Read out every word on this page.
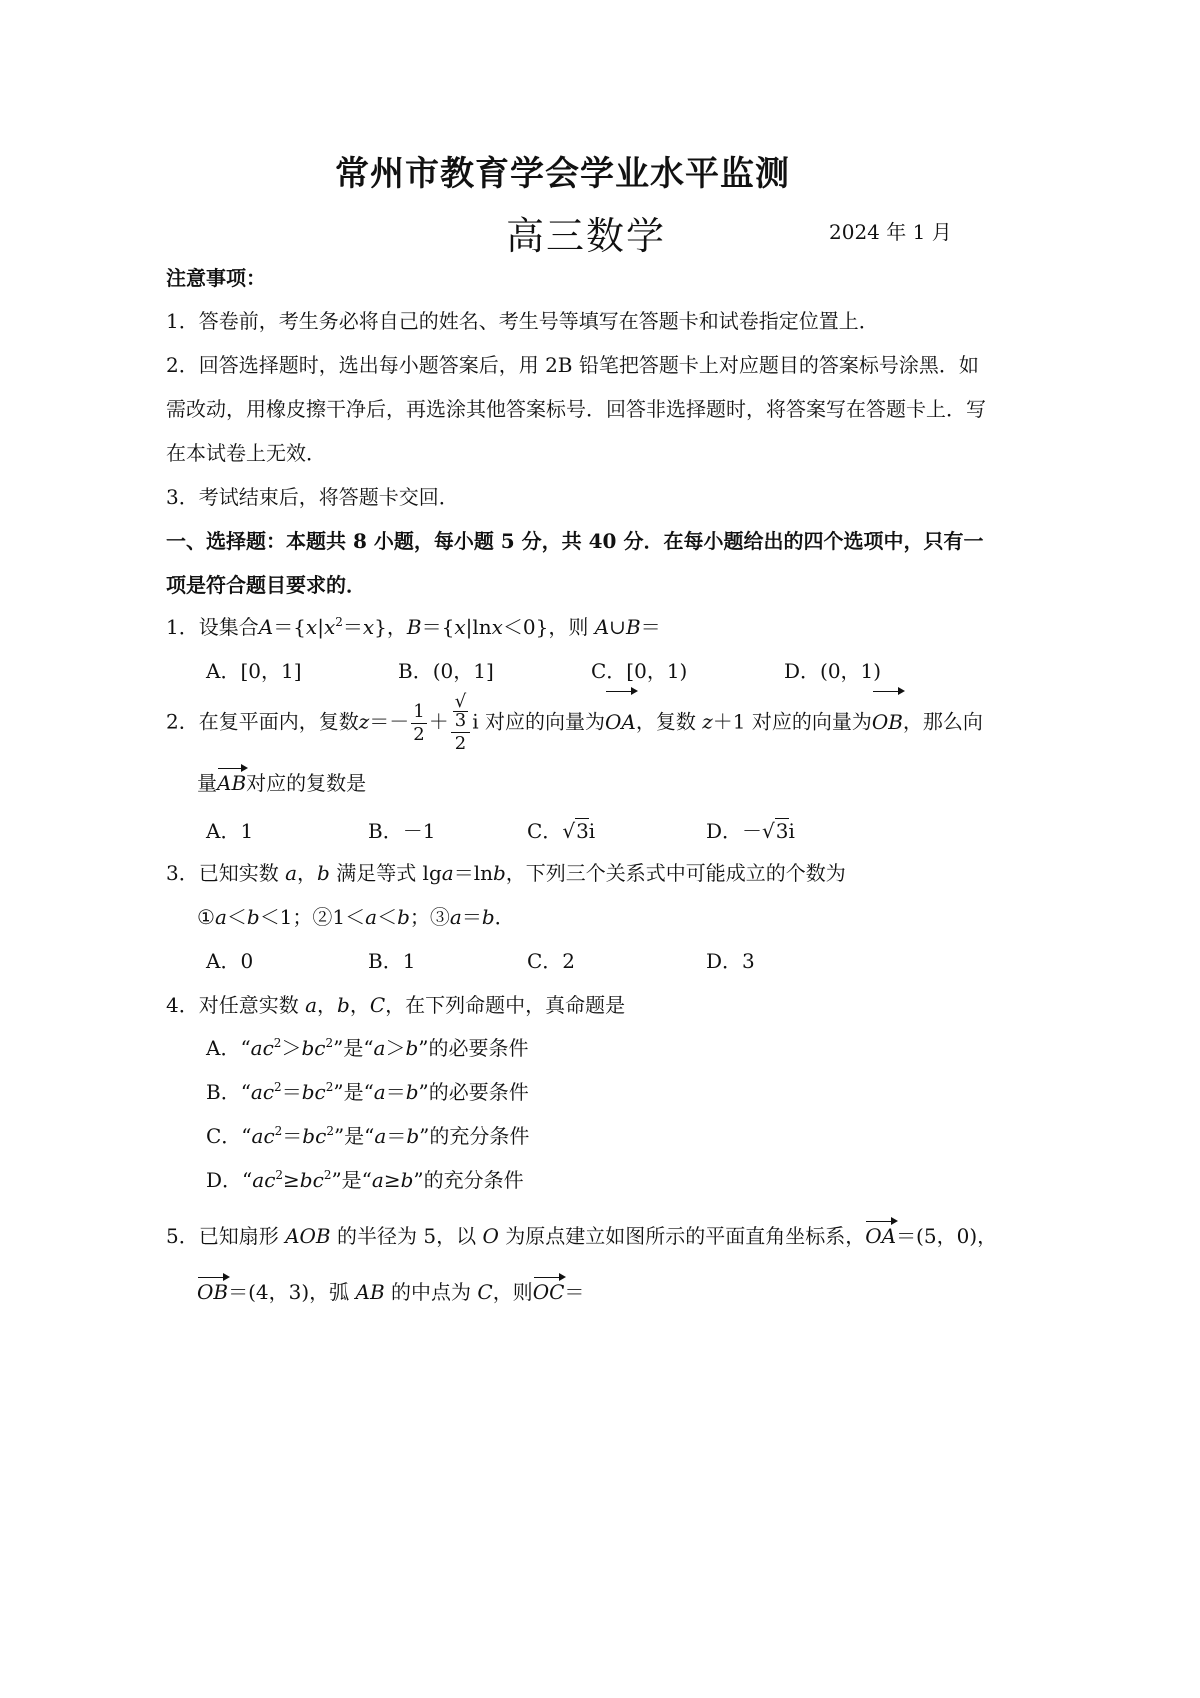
常州市教育学会学业水平监测
高三数学	2024 年 1 月
注意事项：
1．答卷前，考生务必将自己的姓名、考生号等填写在答题卡和试卷指定位置上．
2．回答选择题时，选出每小题答案后，用 2B 铅笔把答题卡上对应题目的答案标号涂黑．如
需改动，用橡皮擦干净后，再选涂其他答案标号．回答非选择题时，将答案写在答题卡上．写
在本试卷上无效．
3．考试结束后，将答题卡交回．
一、选择题：本题共 8 小题，每小题 5 分，共 40 分．在每小题给出的四个选项中，只有一
项是符合题目要求的．
1．设集合$A=\{x|x^2=x\}$，B＝{x|lnx＜0}，则 A∪B＝
A．[0，1]	B．(0，1]	C．[0，1)	D．(0，1)
2．在复平面内，复数$z=- \frac{1}{2}$ ＋ √
3
2 i 对应的向量为OA，复数 z＋1 对应的向量为OB，那么向
量AB对应的复数是
A．1	B．－1	C．√3i	D．－√3i
3．已知实数 a，b 满足等式 lga＝lnb，下列三个关系式中可能成立的个数为
①a＜b＜1；②1＜a＜b；③a＝b．
A．0	B．1	C．2	D．3
4．对任意实数 a，b，C，在下列命题中，真命题是
A．“$ac^2>bc^2$”是“a＞b”的必要条件
B．“$ac^2=bc^2$”是“a＝b”的必要条件
C．“$ac^2=bc^2$”是“a＝b”的充分条件
D．“$ac^2\ge bc^2$”是“a≥b”的充分条件
5．已知扇形 AOB 的半径为 5，以 O 为原点建立如图所示的平面直角坐标系，OA＝(5，0)，
OB＝(4，3)，弧 AB 的中点为 C，则OC＝
